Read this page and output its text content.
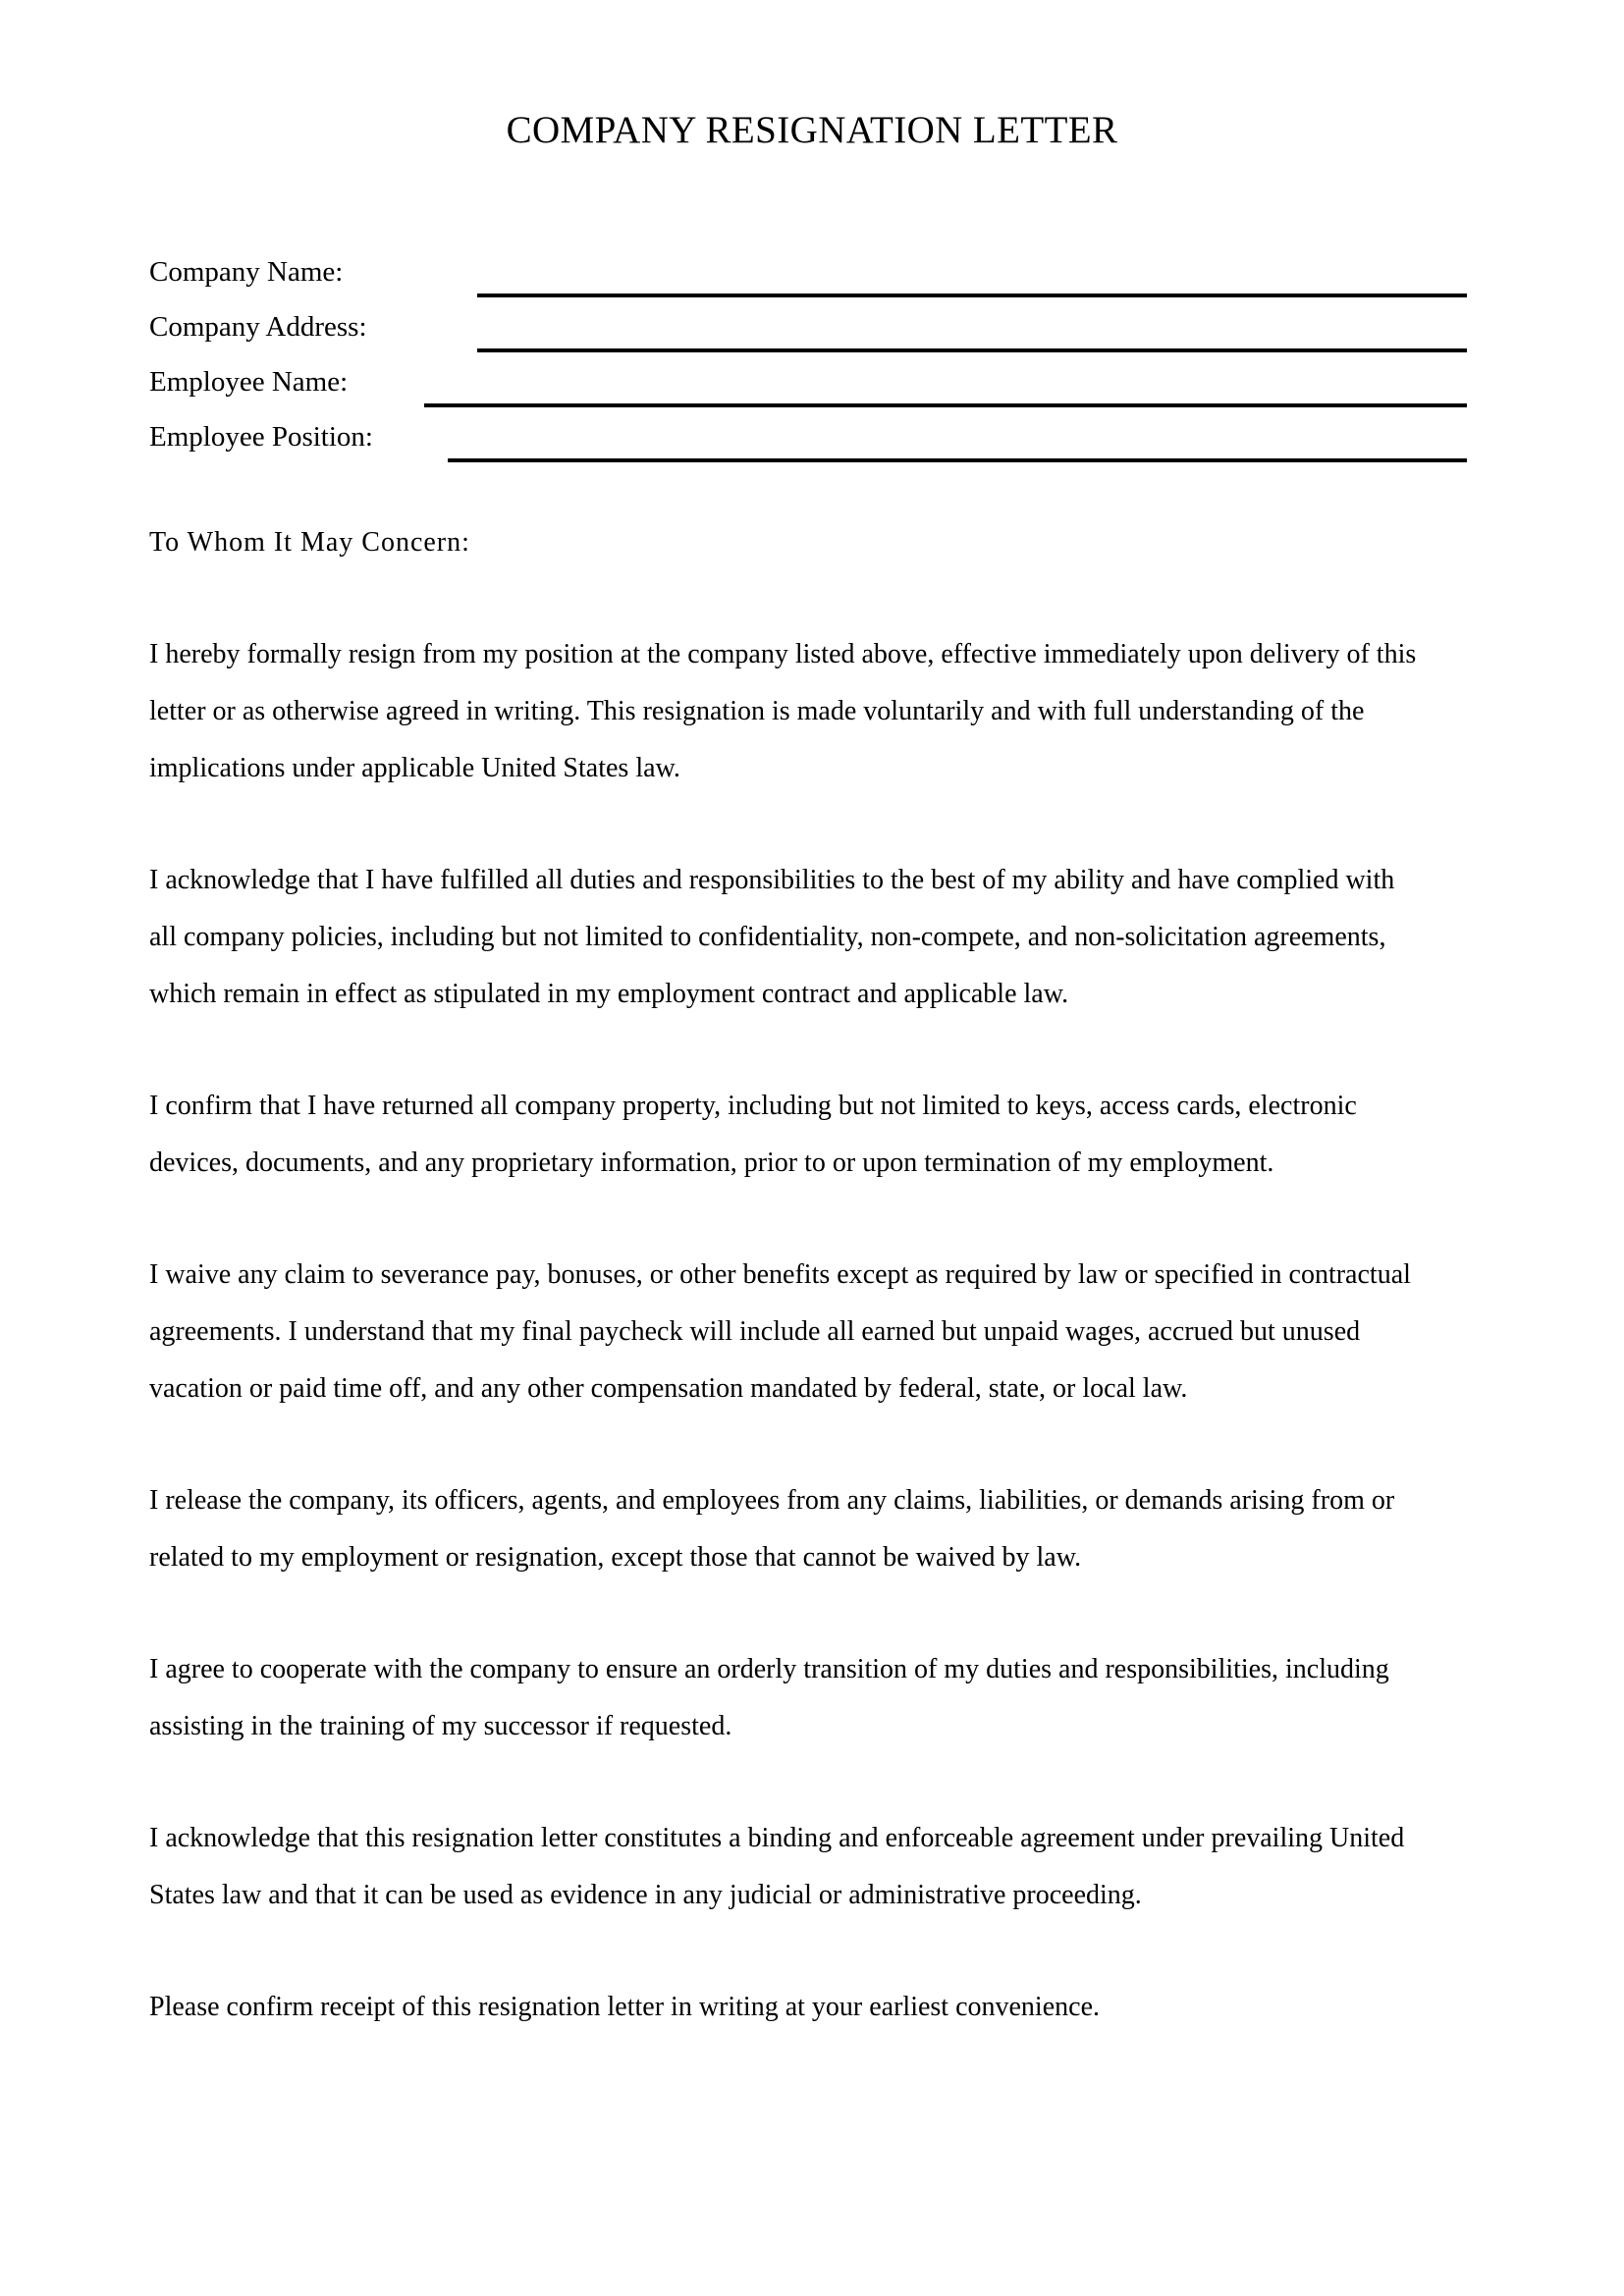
COMPANY RESIGNATION LETTER
Company Name:
Company Address:
Employee Name:
Employee Position:

To Whom It May Concern:

I hereby formally resign from my position at the company listed above, effective immediately upon delivery of this letter or as otherwise agreed in writing. This resignation is made voluntarily and with full understanding of the implications under applicable United States law.

I acknowledge that I have fulfilled all duties and responsibilities to the best of my ability and have complied with all company policies, including but not limited to confidentiality, non-compete, and non-solicitation agreements, which remain in effect as stipulated in my employment contract and applicable law.

I confirm that I have returned all company property, including but not limited to keys, access cards, electronic devices, documents, and any proprietary information, prior to or upon termination of my employment.

I waive any claim to severance pay, bonuses, or other benefits except as required by law or specified in contractual agreements. I understand that my final paycheck will include all earned but unpaid wages, accrued but unused vacation or paid time off, and any other compensation mandated by federal, state, or local law.

I release the company, its officers, agents, and employees from any claims, liabilities, or demands arising from or related to my employment or resignation, except those that cannot be waived by law.

I agree to cooperate with the company to ensure an orderly transition of my duties and responsibilities, including assisting in the training of my successor if requested.

I acknowledge that this resignation letter constitutes a binding and enforceable agreement under prevailing United States law and that it can be used as evidence in any judicial or administrative proceeding.

Please confirm receipt of this resignation letter in writing at your earliest convenience.
